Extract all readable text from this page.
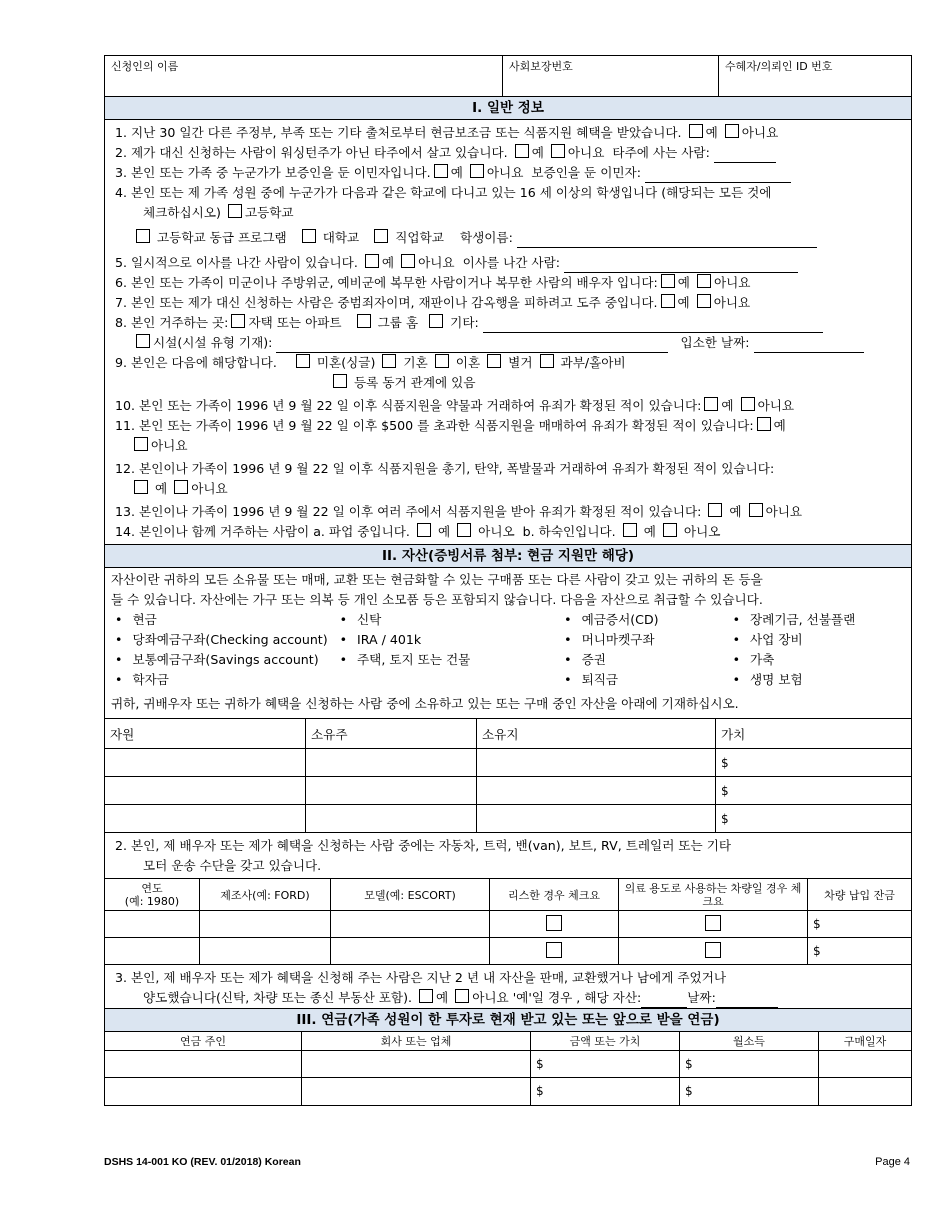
신청인의 이름	사회보장번호	수혜자/의뢰인 ID 번호
I. 일반 정보
1. 지난 30 일간 다른 주정부, 부족 또는 기타 출처로부터 현금보조금 또는 식품지원 혜택을 받았습니다. 예 아니요
2. 제가 대신 신청하는 사람이 워싱턴주가 아닌 타주에서 살고 있습니다. 예 아니요 타주에 사는 사람:
3. 본인 또는 가족 중 누군가가 보증인을 둔 이민자입니다. 예 아니요 보증인을 둔 이민자:
4. 본인 또는 제 가족 성원 중에 누군가가 다음과 같은 학교에 다니고 있는 16 세 이상의 학생입니다 (해당되는 모든 것에
체크하십시오) 고등학교
고등학교 동급 프로그램	대학교	직업학교 학생이름:
5. 일시적으로 이사를 나간 사람이 있습니다. 예 아니요 이사를 나간 사람:
6. 본인 또는 가족이 미군이나 주방위군, 예비군에 복무한 사람이거나 복무한 사람의 배우자 입니다: 예 아니요
7. 본인 또는 제가 대신 신청하는 사람은 중범죄자이며, 재판이나 감옥행을 피하려고 도주 중입니다. 예 아니요
8. 본인 거주하는 곳: 자택 또는 아파트	그룹 홈	기타:
시설(시설 유형 기재):	입소한 날짜:
9. 본인은 다음에 해당합니다.	미혼(싱글) 기혼 이혼 별거 과부/홀아비
등록 동거 관계에 있음
10. 본인 또는 가족이 1996 년 9 월 22 일 이후 식품지원을 약물과 거래하여 유죄가 확정된 적이 있습니다: 예 아니요
11. 본인 또는 가족이 1996 년 9 월 22 일 이후 $500 를 초과한 식품지원을 매매하여 유죄가 확정된 적이 있습니다: 예
아니요
12. 본인이나 가족이 1996 년 9 월 22 일 이후 식품지원을 총기, 탄약, 폭발물과 거래하여 유죄가 확정된 적이 있습니다:
예 아니요
13. 본인이나 가족이 1996 년 9 월 22 일 이후 여러 주에서 식품지원을 받아 유죄가 확정된 적이 있습니다: 예 아니요
14. 본인이나 함께 거주하는 사람이 a. 파업 중입니다. 예 아니오 b. 하숙인입니다. 예 아니오
II. 자산(증빙서류 첨부: 현금 지원만 해당)
자산이란 귀하의 모든 소유물 또는 매매, 교환 또는 현금화할 수 있는 구매품 또는 다른 사람이 갖고 있는 귀하의 돈 등을
들 수 있습니다. 자산에는 가구 또는 의복 등 개인 소모품 등은 포함되지 않습니다. 다음을 자산으로 취급할 수 있습니다.
• 현금	• 신탁	• 예금증서(CD)	• 장례기금, 선불플랜
• 당좌예금구좌(Checking account)	• IRA / 401k	• 머니마켓구좌	• 사업 장비
• 보통예금구좌(Savings account)	• 주택, 토지 또는 건물	• 증권	• 가축
• 학자금	• 퇴직금	• 생명 보험
귀하, 귀배우자 또는 귀하가 혜택을 신청하는 사람 중에 소유하고 있는 또는 구매 중인 자산을 아래에 기재하십시오.
자원	소유주	소유지	가치
			$
			$
			$
2. 본인, 제 배우자 또는 제가 혜택을 신청하는 사람 중에는 자동차, 트럭, 밴(van), 보트, RV, 트레일러 또는 기타
모터 운송 수단을 갖고 있습니다.
연도
(예: 1980)	제조사(예: FORD)	모델(예: ESCORT)	리스한 경우 체크요	의료 용도로 사용하는 차량일 경우 체크요	차량 납입 잔금
					$
					$
3. 본인, 제 배우자 또는 제가 혜택을 신청해 주는 사람은 지난 2 년 내 자산을 판매, 교환했거나 남에게 주었거나
양도했습니다(신탁, 차량 또는 종신 부동산 포함). 예 아니요 '예'일 경우 , 해당 자산:	날짜:
III. 연금(가족 성원이 한 투자로 현재 받고 있는 또는 앞으로 받을 연금)
연금 주인	회사 또는 업체	금액 또는 가치	월소득	구매일자
		$	$	
		$	$	
DSHS 14-001 KO (REV. 01/2018) Korean	Page 4
